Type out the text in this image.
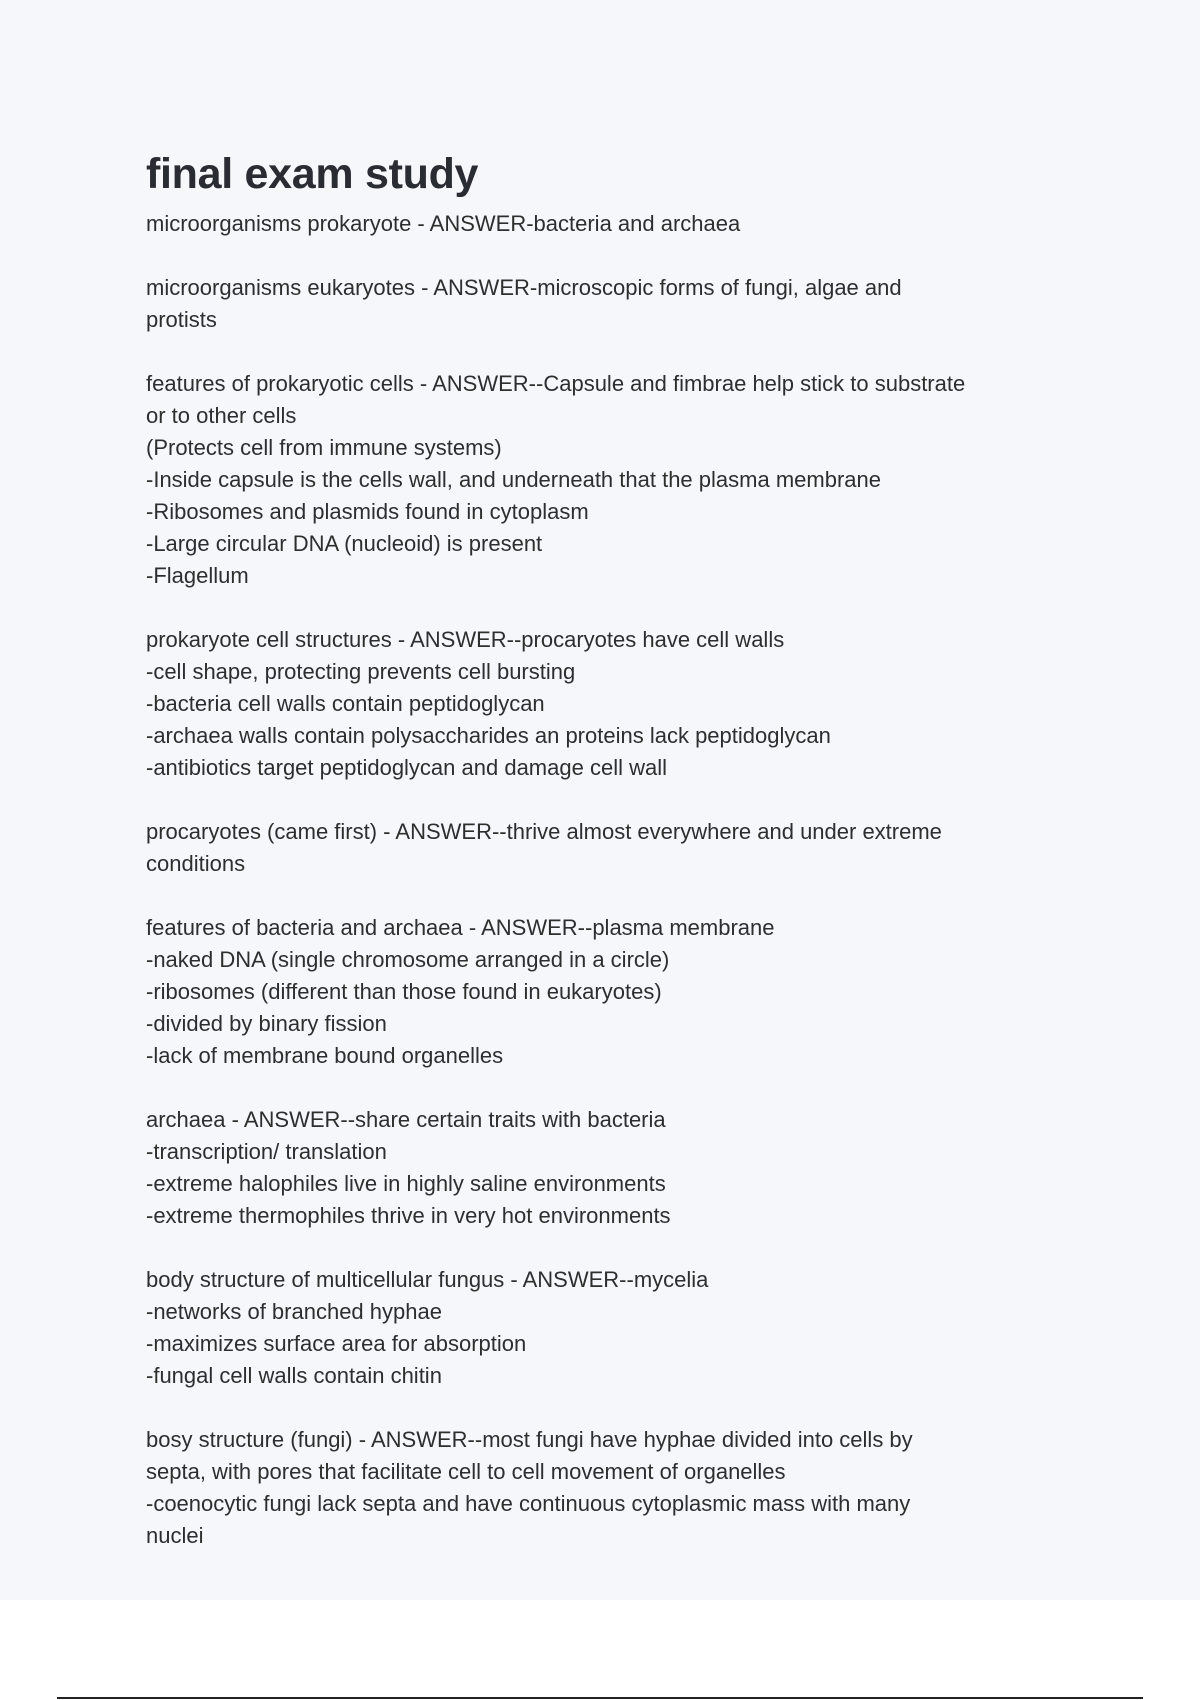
final exam study
microorganisms prokaryote - ANSWER-bacteria and archaea
microorganisms eukaryotes - ANSWER-microscopic forms of fungi, algae and
protists
features of prokaryotic cells - ANSWER--Capsule and fimbrae help stick to substrate
or to other cells
(Protects cell from immune systems)
-Inside capsule is the cells wall, and underneath that the plasma membrane
-Ribosomes and plasmids found in cytoplasm
-Large circular DNA (nucleoid) is present
-Flagellum
prokaryote cell structures - ANSWER--procaryotes have cell walls
-cell shape, protecting prevents cell bursting
-bacteria cell walls contain peptidoglycan
-archaea walls contain polysaccharides an proteins lack peptidoglycan
-antibiotics target peptidoglycan and damage cell wall
procaryotes (came first) - ANSWER--thrive almost everywhere and under extreme
conditions
features of bacteria and archaea - ANSWER--plasma membrane
-naked DNA (single chromosome arranged in a circle)
-ribosomes (different than those found in eukaryotes)
-divided by binary fission
-lack of membrane bound organelles
archaea - ANSWER--share certain traits with bacteria
-transcription/ translation
-extreme halophiles live in highly saline environments
-extreme thermophiles thrive in very hot environments
body structure of multicellular fungus - ANSWER--mycelia
-networks of branched hyphae
-maximizes surface area for absorption
-fungal cell walls contain chitin
bosy structure (fungi) - ANSWER--most fungi have hyphae divided into cells by
septa, with pores that facilitate cell to cell movement of organelles
-coenocytic fungi lack septa and have continuous cytoplasmic mass with many
nuclei
